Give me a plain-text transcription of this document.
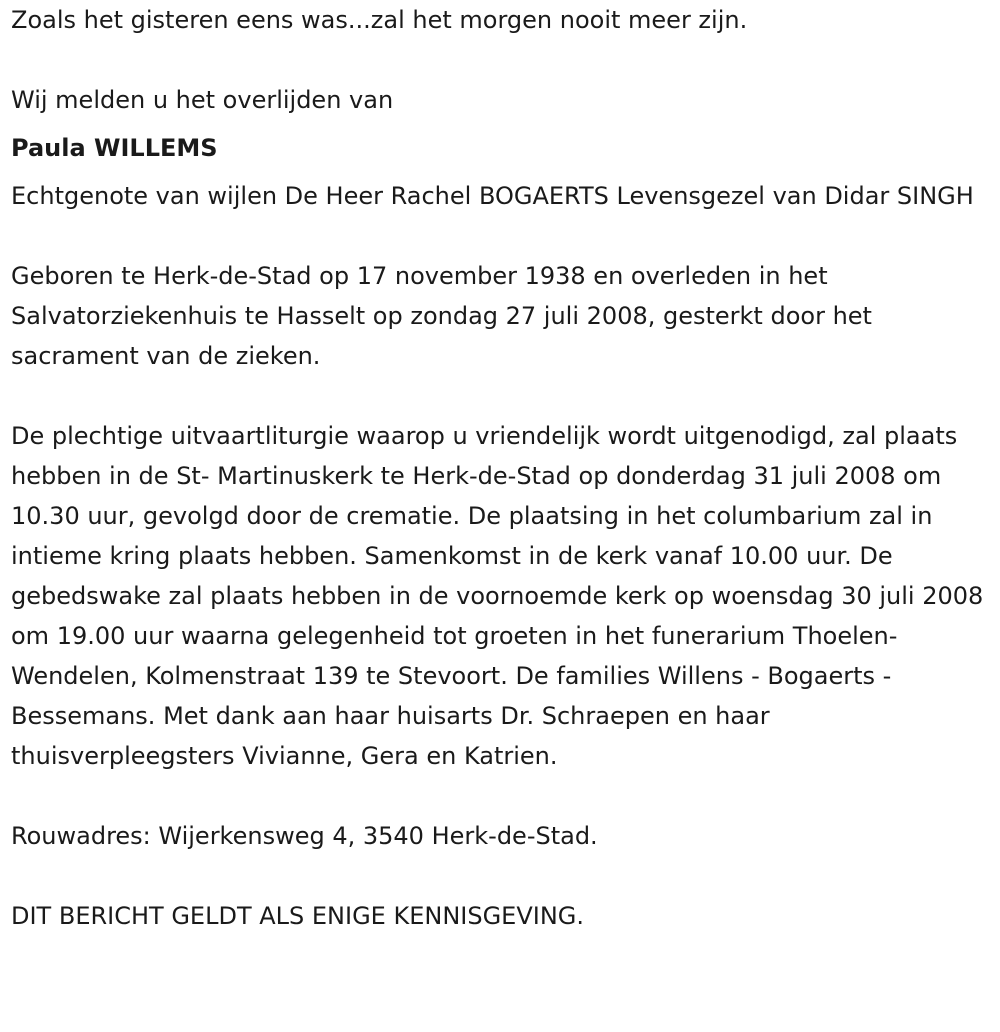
Zoals het gisteren eens was...zal het morgen nooit meer zijn.

Wij melden u het overlijden van

Paula WILLEMS

Echtgenote van wijlen De Heer Rachel BOGAERTS Levensgezel van Didar SINGH

Geboren te Herk-de-Stad op 17 november 1938 en overleden in het Salvatorziekenhuis te Hasselt op zondag 27 juli 2008, gesterkt door het sacrament van de zieken.

De plechtige uitvaartliturgie waarop u vriendelijk wordt uitgenodigd, zal plaats hebben in de St- Martinuskerk te Herk-de-Stad op donderdag 31 juli 2008 om 10.30 uur, gevolgd door de crematie. De plaatsing in het columbarium zal in intieme kring plaats hebben. Samenkomst in de kerk vanaf 10.00 uur. De gebedswake zal plaats hebben in de voornoemde kerk op woensdag 30 juli 2008 om 19.00 uur waarna gelegenheid tot groeten in het funerarium Thoelen-Wendelen, Kolmenstraat 139 te Stevoort. De families Willens - Bogaerts - Bessemans. Met dank aan haar huisarts Dr. Schraepen en haar thuisverpleegsters Vivianne, Gera en Katrien.

Rouwadres: Wijerkensweg 4, 3540 Herk-de-Stad.

DIT BERICHT GELDT ALS ENIGE KENNISGEVING.
